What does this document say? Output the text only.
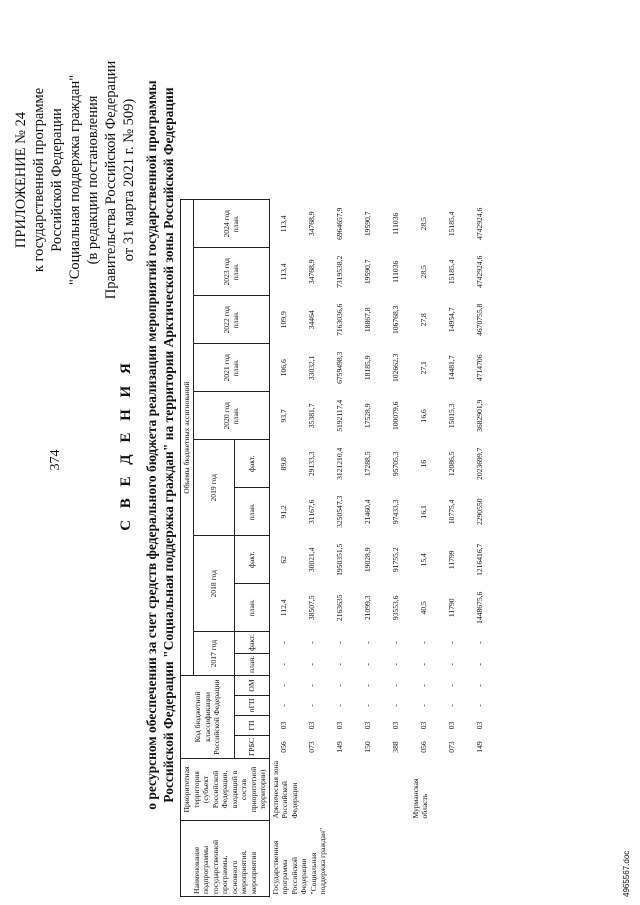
374
ПРИЛОЖЕНИЕ № 24 к государственной программе Российской Федерации "Социальная поддержка граждан" (в редакции постановления Правительства Российской Федерации от 31 марта 2021 г. № 509)
С В Е Д Е Н И Я о ресурсном обеспечении за счет средств федерального бюджета реализации мероприятий государственной программы Российской Федерации "Социальная поддержка граждан" на территории Арктической зоны Российской Федерации
Наименование подпрограммы государственной программы, основного мероприятия, мероприятия	Приоритетная территория (субъект Российской Федерации, входящий в состав приоритетной территории)	Код бюджетной классификации Российской Федерации				Объемы бюджетных ассигнований										
						2017 год		2018 год		2019 год		2020 год план.	2021 год план.	2022 год план.	2023 год план.	2024 год план.
		ГРБС	ГП	пГП	ОМ	план.	факт.	план.	факт.	план.	факт.					

Государственная программа Российской Федерации "Социальная поддержка граждан"	Арктическая зона Российской Федерации	056	03	-	-	-	-	112,4	62	91,2	89,8	93,7	106,6	109,9	113,4	113,4
		073	03	-	-	-	-	38507,5	30021,4	31167,6	29133,3	35381,7	33032,1	34464	34768,9	34768,9
		149	03	-	-	-	-	2163635	1950351,5	3250547,3	3121210,4	5192117,4	6759498,3	7163036,6	7319538,2	6964657,9
		150	03	-	-	-	-	21099,3	19028,9	21460,4	17288,5	17528,9	18185,9	18867,8	19590,7	19590,7
		388	03	-	-	-	-	93553,6	91755,2	97433,3	95705,3	100079,6	102662,3	106768,3	111036	111036
	Мурманская область	056	03	-	-	-	-	40,5	15,4	16,1	16	16,6	27,1	27,8	28,5	28,5
		073	03	-	-	-	-	11790	11799	10775,4	12086,5	15015,3	14481,7	14954,7	15185,4	15185,4
		149	03	-	-	-	-	1448675,6	1216416,7	2290550	2023699,7	3682901,9	4714706	4670755,8	4742924,6	4742924,6
4965567.doc
